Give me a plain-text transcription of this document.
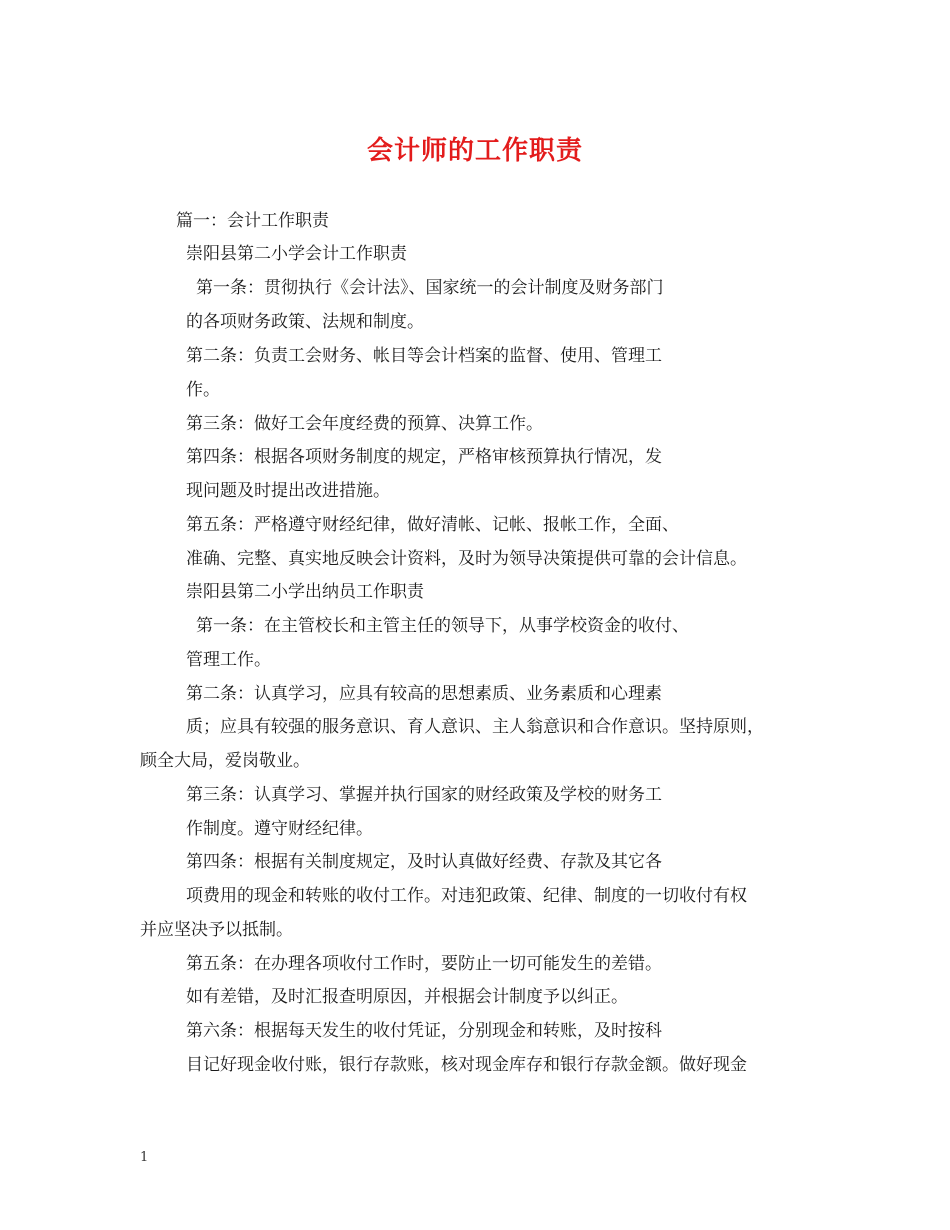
会计师的工作职责
篇一：会计工作职责
崇阳县第二小学会计工作职责
第一条：贯彻执行《会计法》、国家统一的会计制度及财务部门
的各项财务政策、法规和制度。
第二条：负责工会财务、帐目等会计档案的监督、使用、管理工
作。
第三条：做好工会年度经费的预算、决算工作。
第四条：根据各项财务制度的规定，严格审核预算执行情况，发
现问题及时提出改进措施。
第五条：严格遵守财经纪律，做好清帐、记帐、报帐工作，全面、
准确、完整、真实地反映会计资料，及时为领导决策提供可靠的会计信息。
崇阳县第二小学出纳员工作职责
第一条：在主管校长和主管主任的领导下，从事学校资金的收付、
管理工作。
第二条：认真学习，应具有较高的思想素质、业务素质和心理素
质；应具有较强的服务意识、育人意识、主人翁意识和合作意识。坚持原则，
顾全大局，爱岗敬业。
第三条：认真学习、掌握并执行国家的财经政策及学校的财务工
作制度。遵守财经纪律。
第四条：根据有关制度规定，及时认真做好经费、存款及其它各
项费用的现金和转账的收付工作。对违犯政策、纪律、制度的一切收付有权
并应坚决予以抵制。
第五条：在办理各项收付工作时，要防止一切可能发生的差错。
如有差错，及时汇报查明原因，并根据会计制度予以纠正。
第六条：根据每天发生的收付凭证，分别现金和转账，及时按科
目记好现金收付账，银行存款账，核对现金库存和银行存款金额。做好现金
1
